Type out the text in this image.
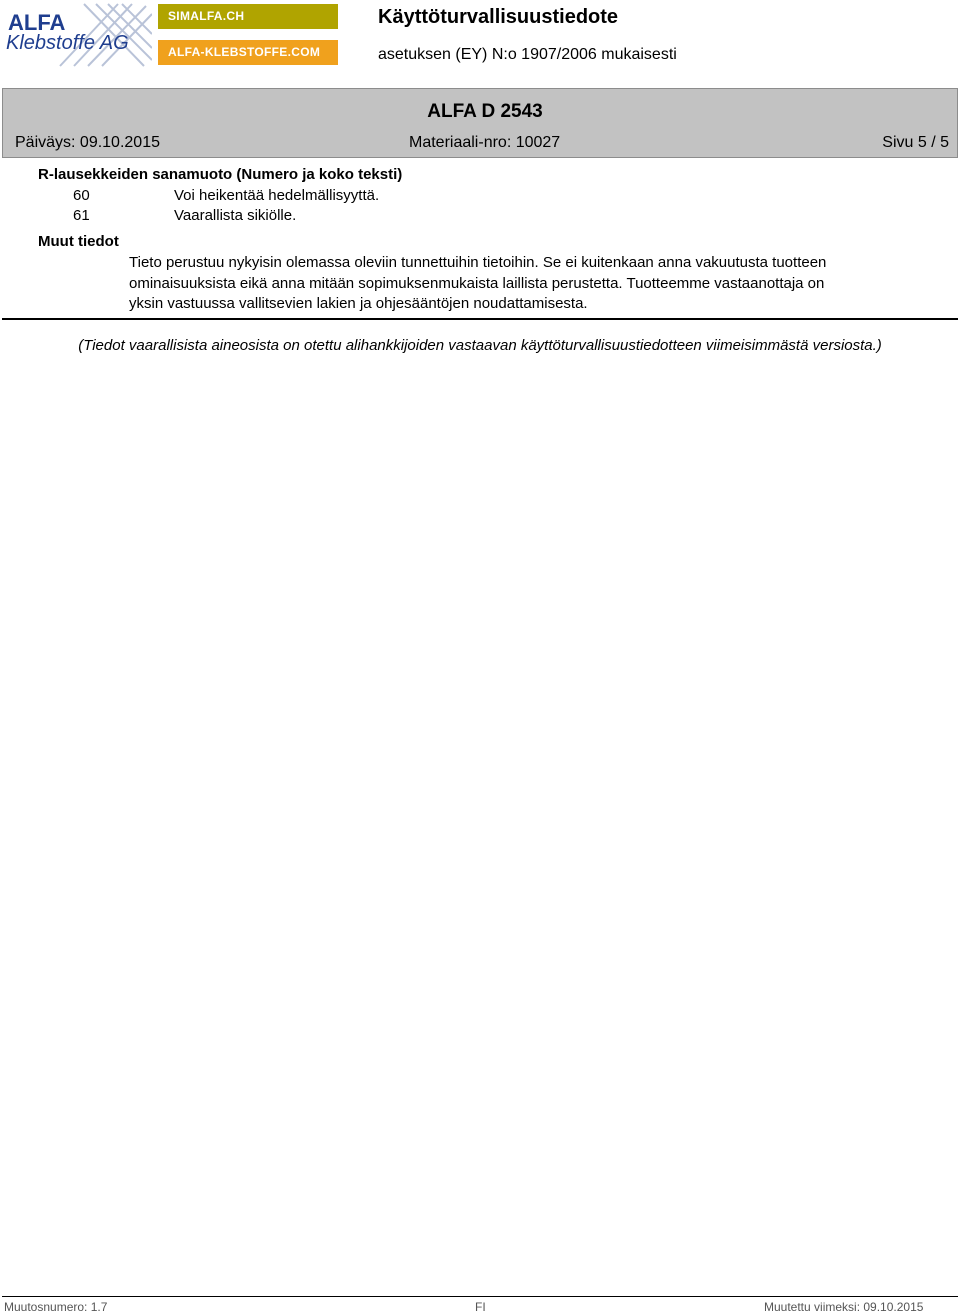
ALFA
Klebstoffe AG
SIMALFA.CH
ALFA-KLEBSTOFFE.COM
Käyttöturvallisuustiedote
asetuksen (EY) N:o 1907/2006 mukaisesti
ALFA D 2543
Päiväys: 09.10.2015	Materiaali-nro: 10027	Sivu 5 / 5
R-lausekkeiden sanamuoto (Numero ja koko teksti)
60	Voi heikentää hedelmällisyyttä.
61	Vaarallista sikiölle.
Muut tiedot
Tieto perustuu nykyisin olemassa oleviin tunnettuihin tietoihin. Se ei kuitenkaan anna vakuutusta tuotteen ominaisuuksista eikä anna mitään sopimuksenmukaista laillista perustetta. Tuotteemme vastaanottaja on yksin vastuussa vallitsevien lakien ja ohjesääntöjen noudattamisesta.
(Tiedot vaarallisista aineosista on otettu alihankkijoiden vastaavan käyttöturvallisuustiedotteen viimeisimmästä versiosta.)
Muutosnumero: 1.7	FI	Muutettu viimeksi: 09.10.2015
